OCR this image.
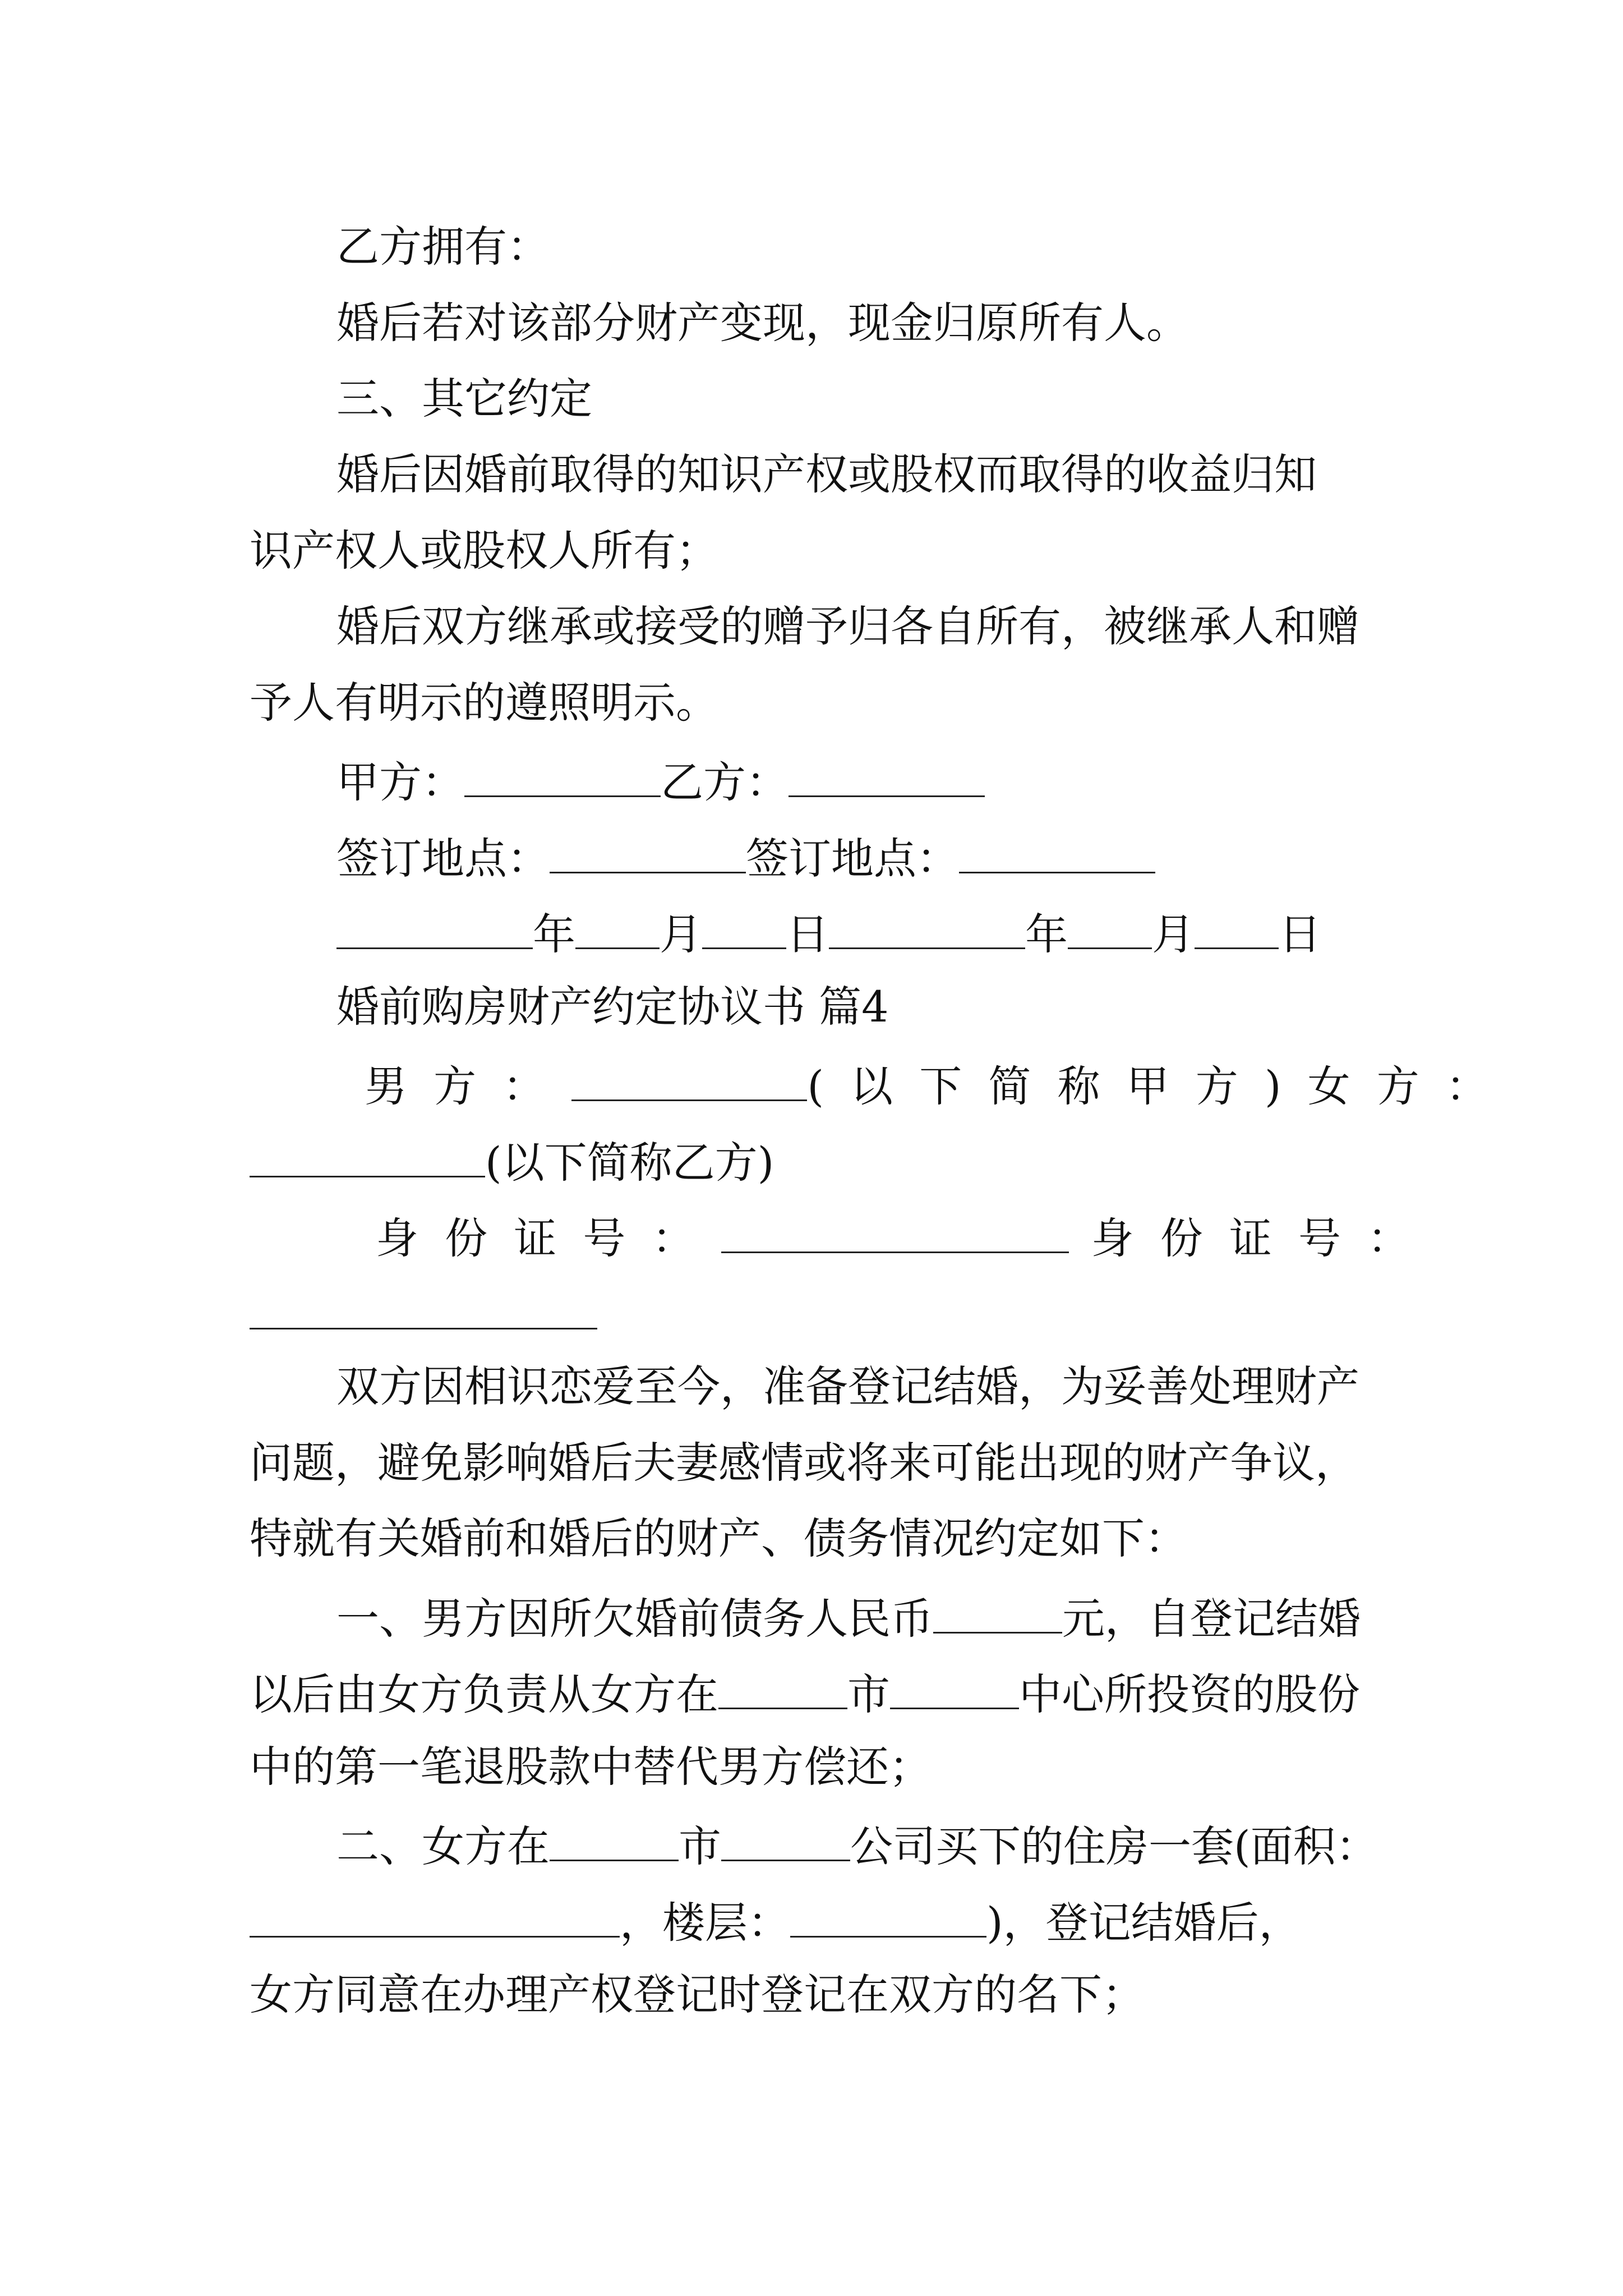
乙方拥有：
婚后若对该部分财产变现，现金归原所有人。
三、其它约定
婚后因婚前取得的知识产权或股权而取得的收益归知
识产权人或股权人所有；
婚后双方继承或接受的赠予归各自所有，被继承人和赠
予人有明示的遵照明示。
甲方：	乙方：
签订地点：	签订地点：
年 月 日	年 月 日
婚前购房财产约定协议书 篇4
男方：	(以下简称甲方)女方：
(以下简称乙方)
身份证号：	身份证号：
双方因相识恋爱至今，准备登记结婚，为妥善处理财产
问题，避免影响婚后夫妻感情或将来可能出现的财产争议，
特就有关婚前和婚后的财产、债务情况约定如下：
一、男方因所欠婚前债务人民币	元，自登记结婚
以后由女方负责从女方在	市	中心所投资的股份
中的第一笔退股款中替代男方偿还；
二、女方在	市	公司买下的住房一套(面积：
，楼层：	)，登记结婚后，
女方同意在办理产权登记时登记在双方的名下；
